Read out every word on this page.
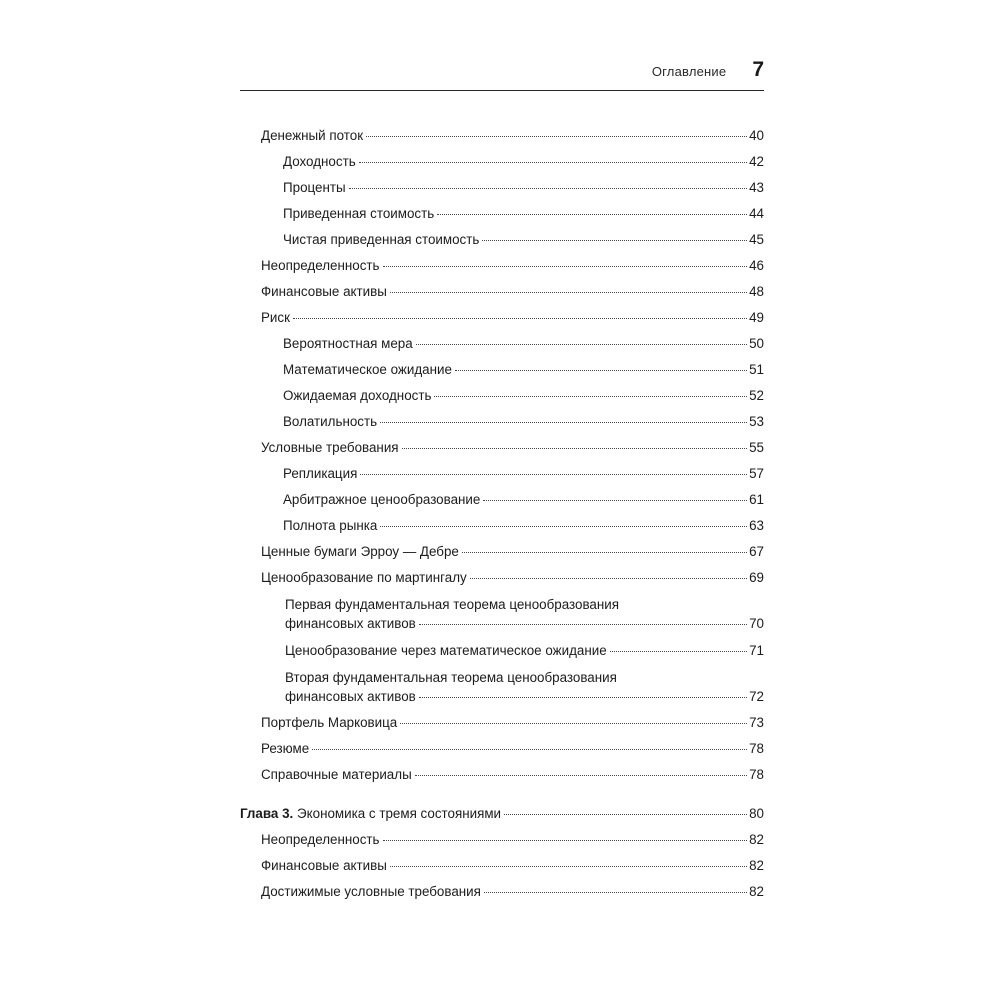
Оглавление 7
Денежный поток	40
Доходность	42
Проценты	43
Приведенная стоимость	44
Чистая приведенная стоимость	45
Неопределенность	46
Финансовые активы	48
Риск	49
Вероятностная мера	50
Математическое ожидание	51
Ожидаемая доходность	52
Волатильность	53
Условные требования	55
Репликация	57
Арбитражное ценообразование	61
Полнота рынка	63
Ценные бумаги Эрроу — Дебре	67
Ценообразование по мартингалу	69
Первая фундаментальная теорема ценообразования
финансовых активов	70
Ценообразование через математическое ожидание	71
Вторая фундаментальная теорема ценообразования
финансовых активов	72
Портфель Марковица	73
Резюме	78
Справочные материалы	78
Глава 3. Экономика с тремя состояниями	80
Неопределенность	82
Финансовые активы	82
Достижимые условные требования	82
